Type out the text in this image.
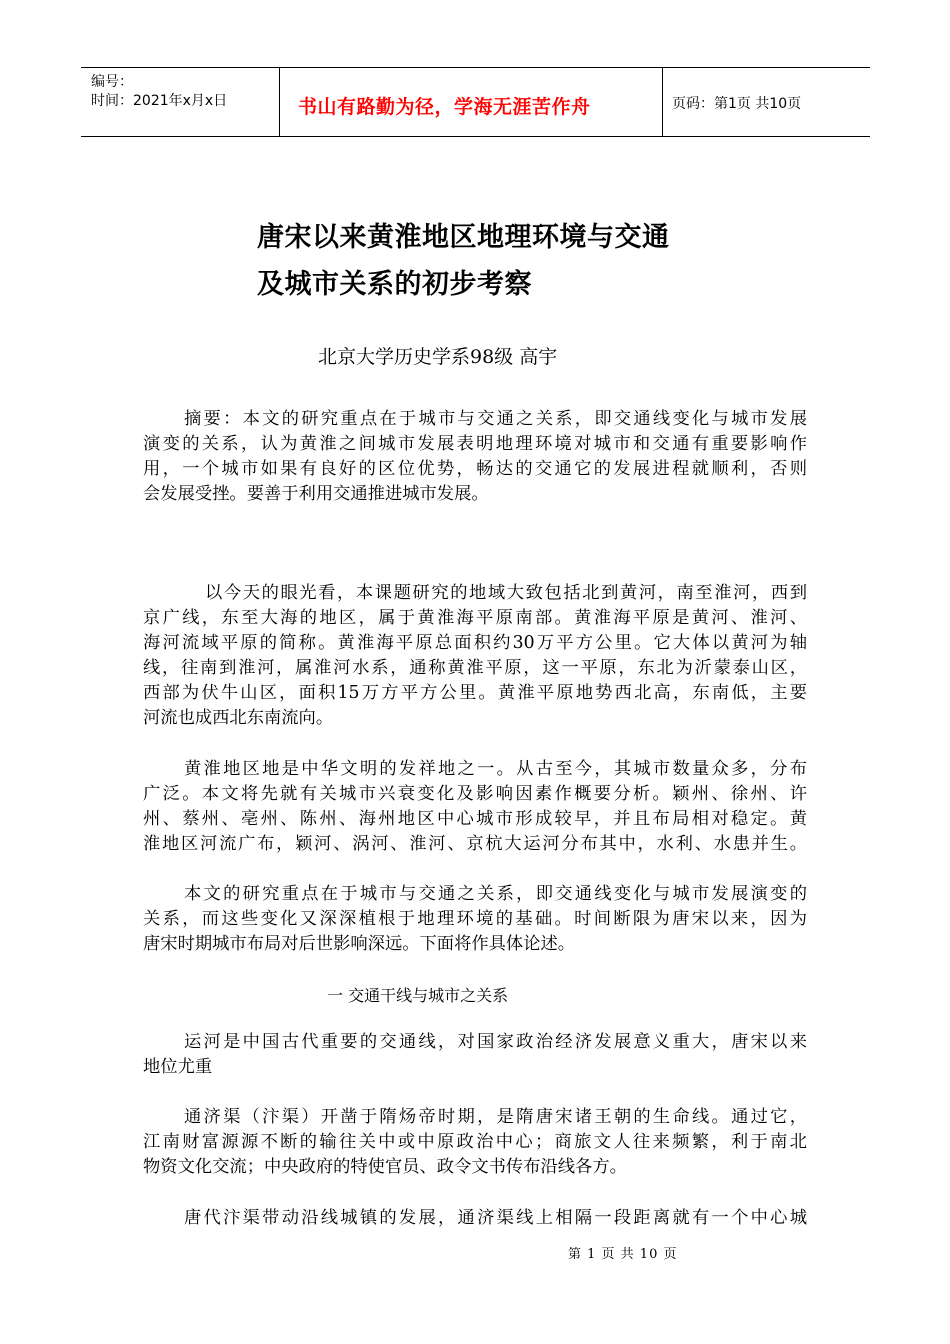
编号：
时间：2021年x月x日	书山有路勤为径，学海无涯苦作舟	页码：第1页 共10页
唐宋以来黄淮地区地理环境与交通
及城市关系的初步考察
北京大学历史学系98级 高宇
摘要：本文的研究重点在于城市与交通之关系，即交通线变化与城市发展
演变的关系，认为黄淮之间城市发展表明地理环境对城市和交通有重要影响作
用，一个城市如果有良好的区位优势，畅达的交通它的发展进程就顺利，否则
会发展受挫。要善于利用交通推进城市发展。
以今天的眼光看，本课题研究的地域大致包括北到黄河，南至淮河，西到
京广线，东至大海的地区，属于黄淮海平原南部。黄淮海平原是黄河、淮河、
海河流域平原的简称。黄淮海平原总面积约30万平方公里。它大体以黄河为轴
线，往南到淮河，属淮河水系，通称黄淮平原，这一平原，东北为沂蒙泰山区，
西部为伏牛山区，面积15万方平方公里。黄淮平原地势西北高，东南低，主要
河流也成西北东南流向。
黄淮地区地是中华文明的发祥地之一。从古至今，其城市数量众多，分布
广泛。本文将先就有关城市兴衰变化及影响因素作概要分析。颖州、徐州、许
州、蔡州、亳州、陈州、海州地区中心城市形成较早，并且布局相对稳定。黄
淮地区河流广布，颖河、涡河、淮河、京杭大运河分布其中，水利、水患并生。
本文的研究重点在于城市与交通之关系，即交通线变化与城市发展演变的
关系，而这些变化又深深植根于地理环境的基础。时间断限为唐宋以来，因为
唐宋时期城市布局对后世影响深远。下面将作具体论述。
一 交通干线与城市之关系
运河是中国古代重要的交通线，对国家政治经济发展意义重大，唐宋以来
地位尤重
通济渠（汴渠）开凿于隋炀帝时期，是隋唐宋诸王朝的生命线。通过它，
江南财富源源不断的输往关中或中原政治中心；商旅文人往来频繁，利于南北
物资文化交流；中央政府的特使官员、政令文书传布沿线各方。
唐代汴渠带动沿线城镇的发展，通济渠线上相隔一段距离就有一个中心城
第 1 页 共 10 页
